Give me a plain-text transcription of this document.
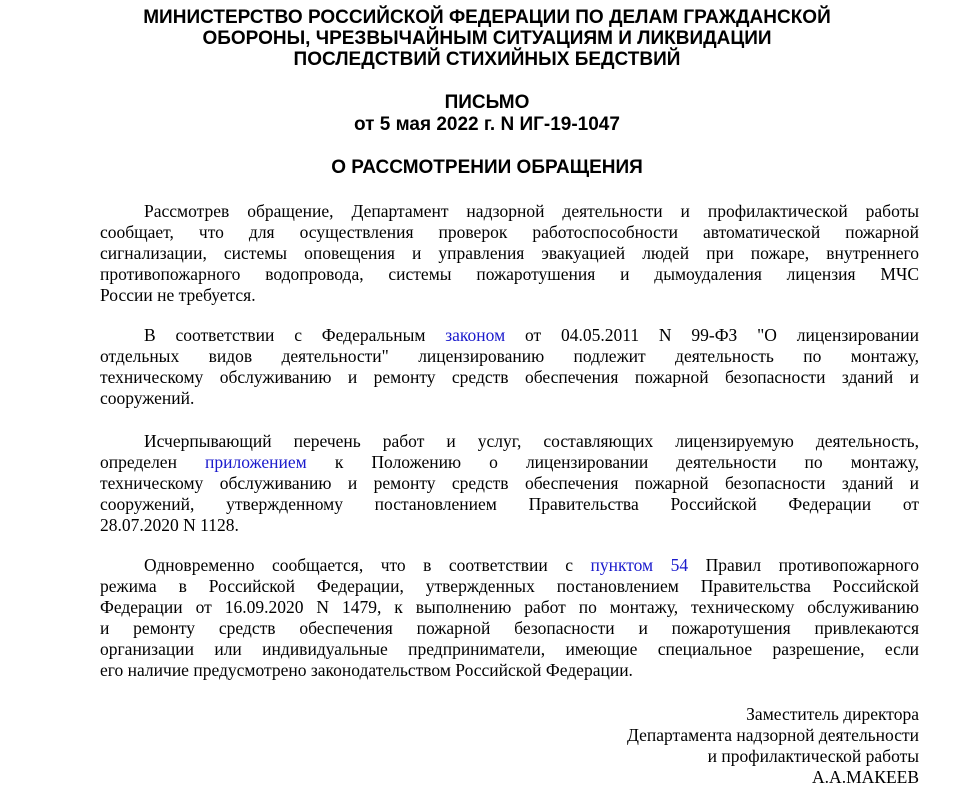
МИНИСТЕРСТВО РОССИЙСКОЙ ФЕДЕРАЦИИ ПО ДЕЛАМ ГРАЖДАНСКОЙ
ОБОРОНЫ, ЧРЕЗВЫЧАЙНЫМ СИТУАЦИЯМ И ЛИКВИДАЦИИ
ПОСЛЕДСТВИЙ СТИХИЙНЫХ БЕДСТВИЙ
ПИСЬМО
от 5 мая 2022 г. N ИГ-19-1047
О РАССМОТРЕНИИ ОБРАЩЕНИЯ
Рассмотрев обращение, Департамент надзорной деятельности и профилактической работы
сообщает, что для осуществления проверок работоспособности автоматической пожарной
сигнализации, системы оповещения и управления эвакуацией людей при пожаре, внутреннего
противопожарного водопровода, системы пожаротушения и дымоудаления лицензия МЧС
России не требуется.
В соответствии с Федеральным законом от 04.05.2011 N 99-ФЗ "О лицензировании
отдельных видов деятельности" лицензированию подлежит деятельность по монтажу,
техническому обслуживанию и ремонту средств обеспечения пожарной безопасности зданий и
сооружений.
Исчерпывающий перечень работ и услуг, составляющих лицензируемую деятельность,
определен приложением к Положению о лицензировании деятельности по монтажу,
техническому обслуживанию и ремонту средств обеспечения пожарной безопасности зданий и
сооружений, утвержденному постановлением Правительства Российской Федерации от
28.07.2020 N 1128.
Одновременно сообщается, что в соответствии с пунктом 54 Правил противопожарного
режима в Российской Федерации, утвержденных постановлением Правительства Российской
Федерации от 16.09.2020 N 1479, к выполнению работ по монтажу, техническому обслуживанию
и ремонту средств обеспечения пожарной безопасности и пожаротушения привлекаются
организации или индивидуальные предприниматели, имеющие специальное разрешение, если
его наличие предусмотрено законодательством Российской Федерации.
Заместитель директора
Департамента надзорной деятельности
и профилактической работы
А.А.МАКЕЕВ
